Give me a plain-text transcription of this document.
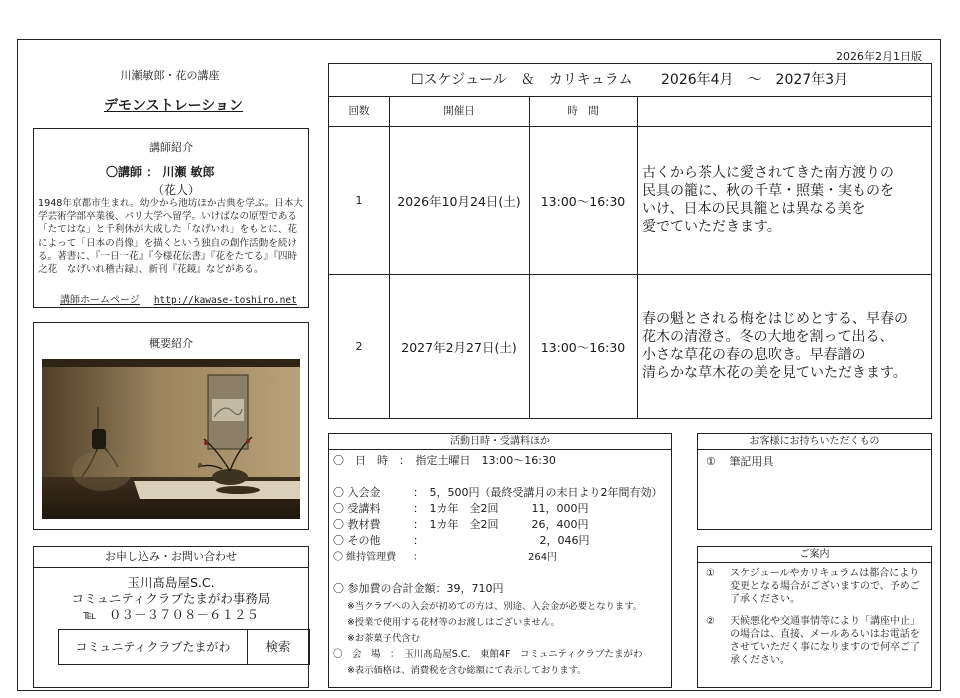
2026年2月1日版
川瀬敏郎・花の講座
デモンストレーション
講師紹介
〇講師 ： 川瀬 敏郎
（花人）
1948年京都市生まれ。幼少から池坊ほか古典を学ぶ。日本大学芸術学部卒業後、パリ大学へ留学。いけばなの原型である「たてはな」と千利休が大成した「なげいれ」をもとに、花によって「日本の肖像」を描くという独自の創作活動を続ける。著書に、『一日一花』『今様花伝書』『花をたてる』『四時之花　なげいれ稽古録』、新刊『花鏡』などがある。
講師ホームページ http://kawase-toshiro.net
概要紹介
お申し込み・お問い合わせ
玉川髙島屋S.C.
コミュニティクラブたまがわ事務局
℡　０３－３７０８－６１２５
コミュニティクラブたまがわ	検索
☐スケジュール　＆　カリキュラム 2026年4月　～　2027年3月
回数	開催日	時　間
1	2026年10月24日(土)	13:00～16:30
古くから茶人に愛されてきた南方渡りの
民具の籠に、秋の千草・照葉・実ものを
いけ、日本の民具籠とは異なる美を
愛でていただきます。
2	2027年2月27日(土)	13:00～16:30
春の魁とされる梅をはじめとする、早春の
花木の清澄さ。冬の大地を割って出る、
小さな草花の春の息吹き。早春譜の
清らかな草木花の美を見ていただきます。
活動日時・受講料ほか
〇　日　時　：　指定土曜日　13:00～16:30
〇 入会金	：　5，500円（最終受講月の末日より2年間有効）
〇 受講料	：　1カ年　全2回　　　11，000円
〇 教材費	：　1カ年　全2回　　　26，400円
〇 その他	：　　　　　　　　　　　2，046円
〇 維持管理費 ：　　　　　　　　　　　264円
〇 参加費の合計金額：39，710円
※当クラブへの入会が初めての方は、別途、入会金が必要となります。
※授業で使用する花材等のお渡しはございません。
※お茶菓子代含む
〇　会　場　：　玉川髙島屋S.C.　東館4F　コミュニティクラブたまがわ
※表示価格は、消費税を含む総額にて表示しております。
お客様にお持ちいただくもの
① 筆記用具
ご案内
①	スケジュールやカリキュラムは都合により変更となる場合がございますので、予めご了承ください。
②	天候悪化や交通事情等により「講座中止」の場合は、直接、メールあるいはお電話をさせていただく事になりますので何卒ご了承ください。
